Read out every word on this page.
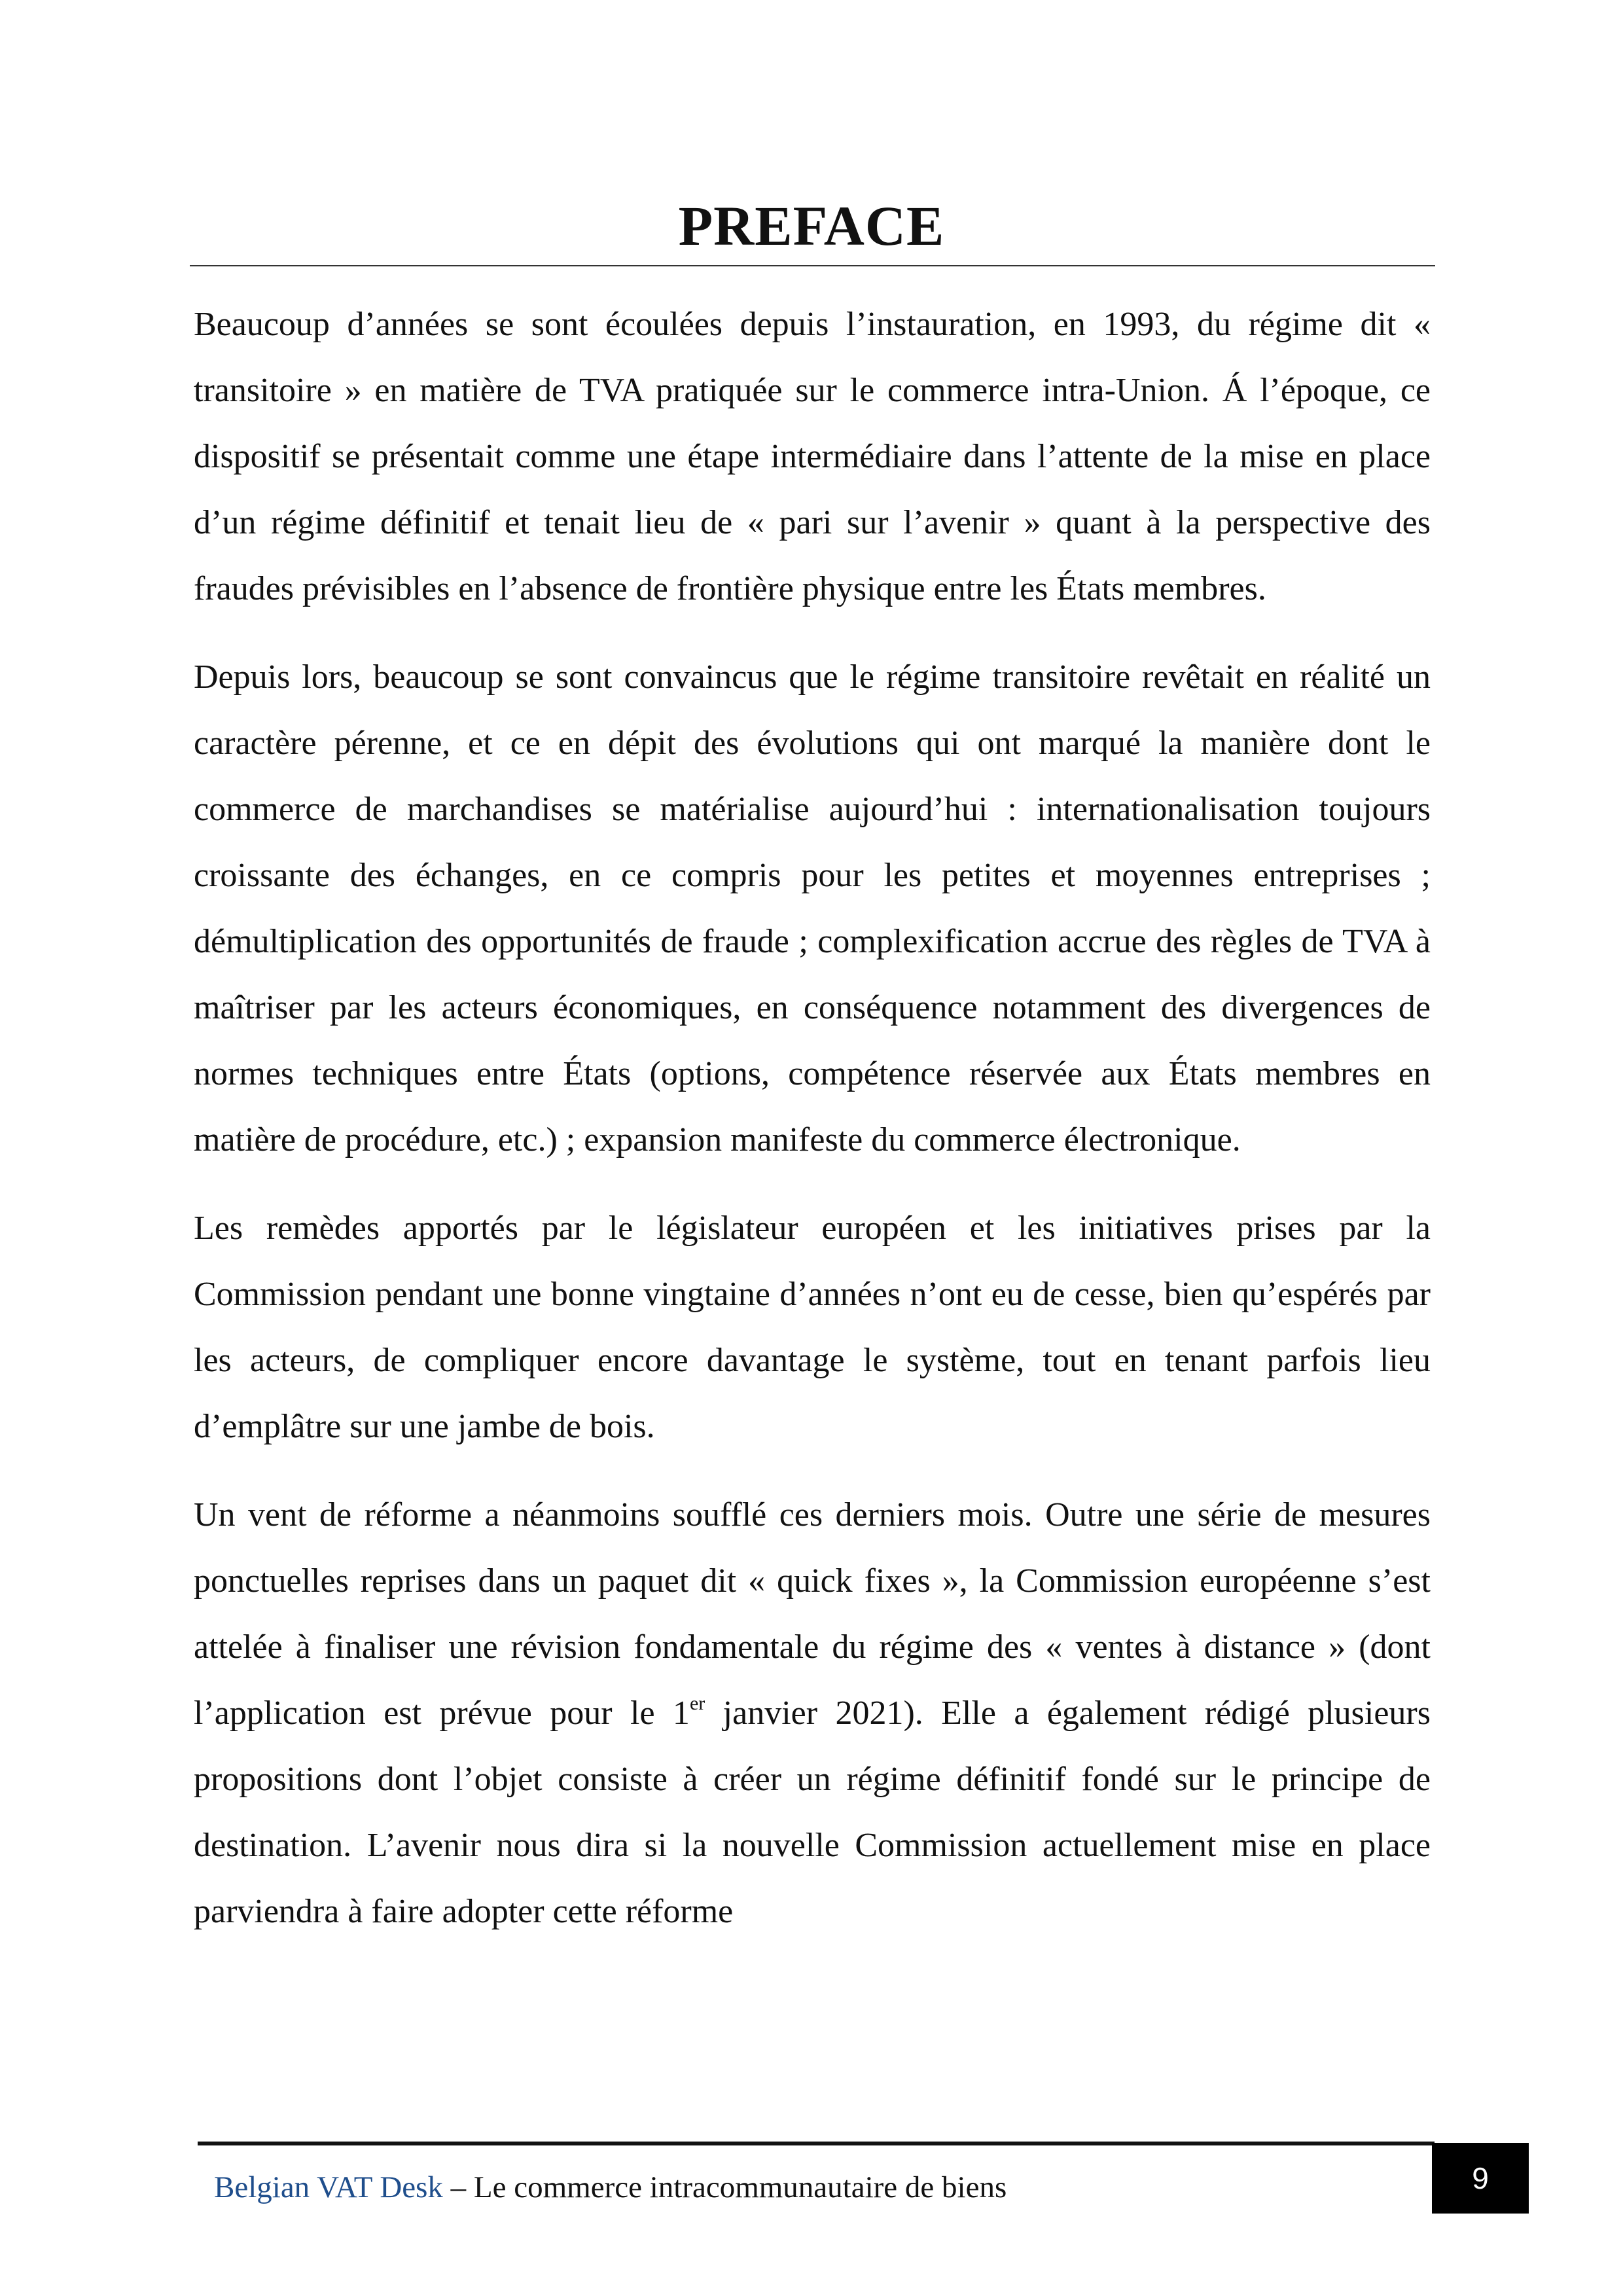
PREFACE

Beaucoup d’années se sont écoulées depuis l’instauration, en 1993, du régime dit « transitoire » en matière de TVA pratiquée sur le commerce intra-Union. Á l’époque, ce dispositif se présentait comme une étape intermédiaire dans l’attente de la mise en place d’un régime définitif et tenait lieu de « pari sur l’avenir » quant à la perspective des fraudes prévisibles en l’absence de frontière physique entre les États membres.

Depuis lors, beaucoup se sont convaincus que le régime transitoire revêtait en réalité un caractère pérenne, et ce en dépit des évolutions qui ont marqué la manière dont le commerce de marchandises se matérialise aujourd’hui : internationalisation toujours croissante des échanges, en ce compris pour les petites et moyennes entreprises ; démultiplication des opportunités de fraude ; complexification accrue des règles de TVA à maîtriser par les acteurs économiques, en conséquence notamment des divergences de normes techniques entre États (options, compétence réservée aux États membres en matière de procédure, etc.) ; expansion manifeste du commerce électronique.

Les remèdes apportés par le législateur européen et les initiatives prises par la Commission pendant une bonne vingtaine d’années n’ont eu de cesse, bien qu’espérés par les acteurs, de compliquer encore davantage le système, tout en tenant parfois lieu d’emplâtre sur une jambe de bois.

Un vent de réforme a néanmoins soufflé ces derniers mois. Outre une série de mesures ponctuelles reprises dans un paquet dit « quick fixes », la Commission européenne s’est attelée à finaliser une révision fondamentale du régime des « ventes à distance » (dont l’application est prévue pour le 1er janvier 2021). Elle a également rédigé plusieurs propositions dont l’objet consiste à créer un régime définitif fondé sur le principe de destination. L’avenir nous dira si la nouvelle Commission actuellement mise en place parviendra à faire adopter cette réforme

Belgian VAT Desk – Le commerce intracommunautaire de biens	9
